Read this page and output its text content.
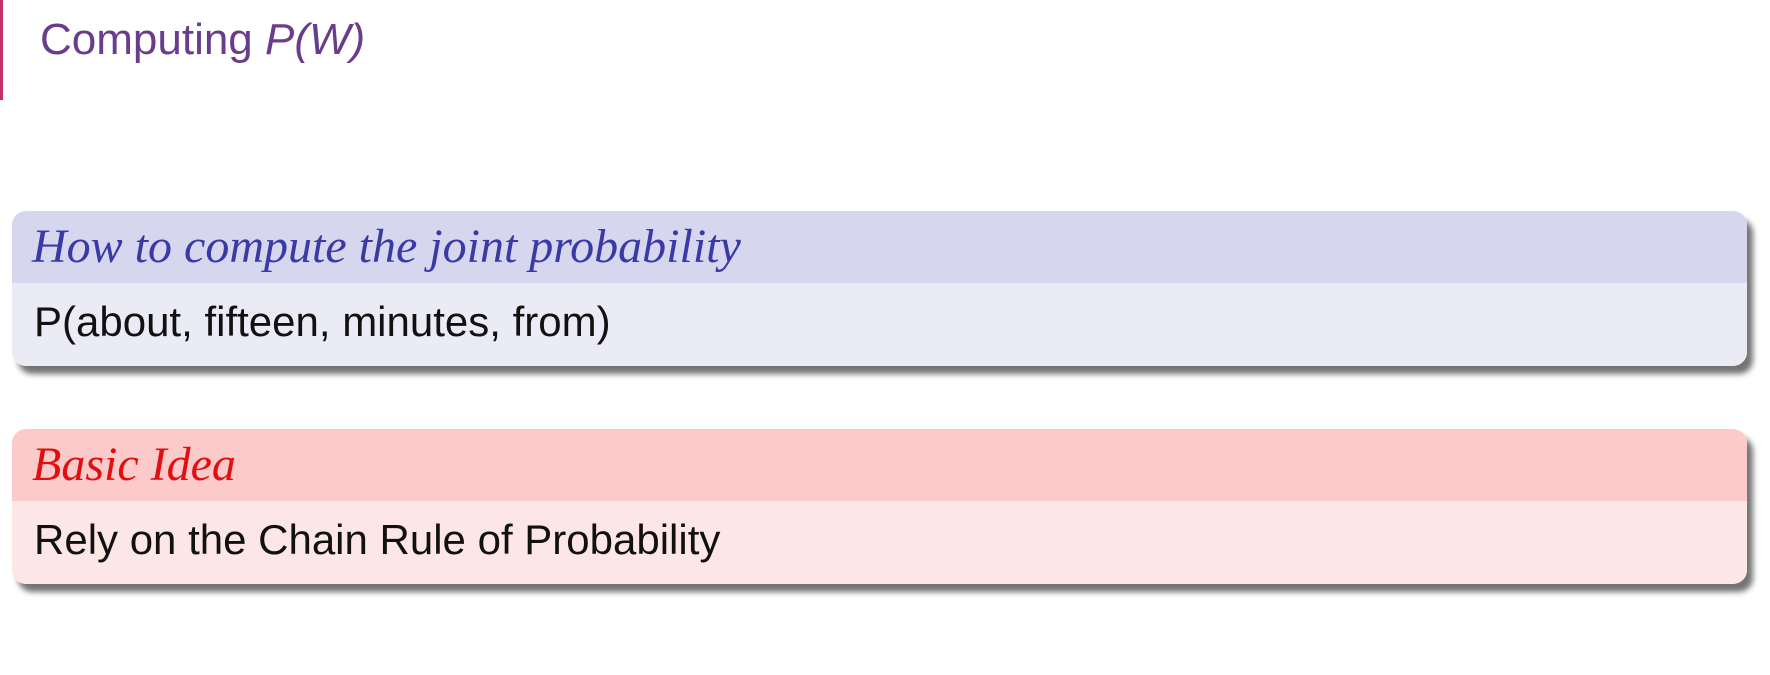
Computing P(W)
How to compute the joint probability
P(about, fifteen, minutes, from)
Basic Idea
Rely on the Chain Rule of Probability
